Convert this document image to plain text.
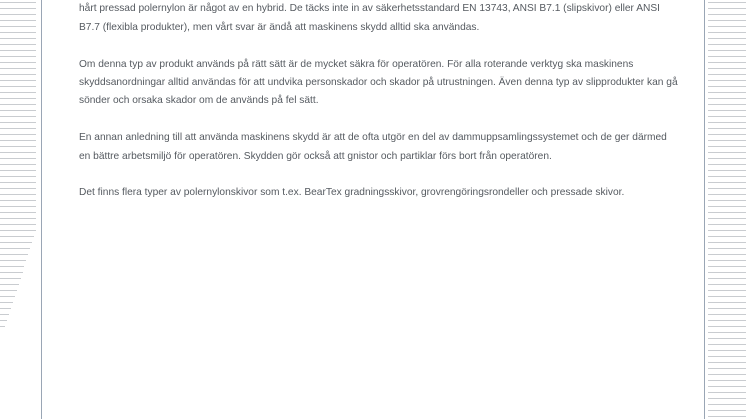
hårt pressad polernylon är något av en hybrid. De täcks inte in av säkerhetsstandard EN 13743, ANSI B7.1 (slipskivor) eller ANSI B7.7 (flexibla produkter), men vårt svar är ändå att maskinens skydd alltid ska användas.

Om denna typ av produkt används på rätt sätt är de mycket säkra för operatören. För alla roterande verktyg ska maskinens skyddsanordningar alltid användas för att undvika personskador och skador på utrustningen. Även denna typ av slipprodukter kan gå sönder och orsaka skador om de används på fel sätt.

En annan anledning till att använda maskinens skydd är att de ofta utgör en del av dammuppsamlingssystemet och de ger därmed en bättre arbetsmiljö för operatören. Skydden gör också att gnistor och partiklar förs bort från operatören.

Det finns flera typer av polernylonskivor som t.ex. BearTex gradningsskivor, grovrengöringsrondeller och pressade skivor.
